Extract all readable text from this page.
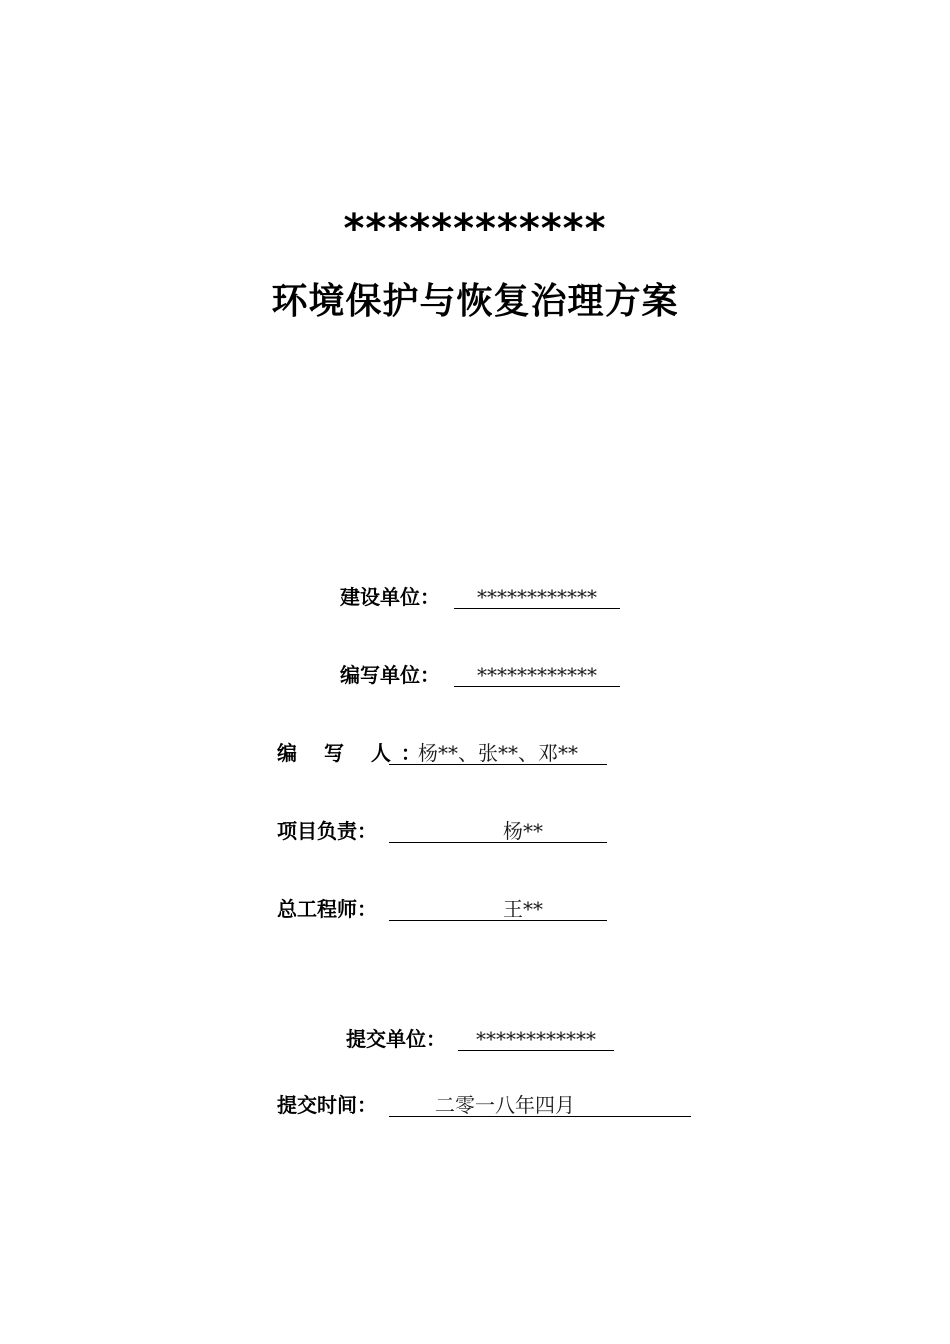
************
环境保护与恢复治理方案
建设单位：	************
编写单位：	************
编 写 人：
杨**、张**、邓**
项目负责：	杨**
总工程师：	王**
提交单位：	************
提交时间：	二零一八年四月
